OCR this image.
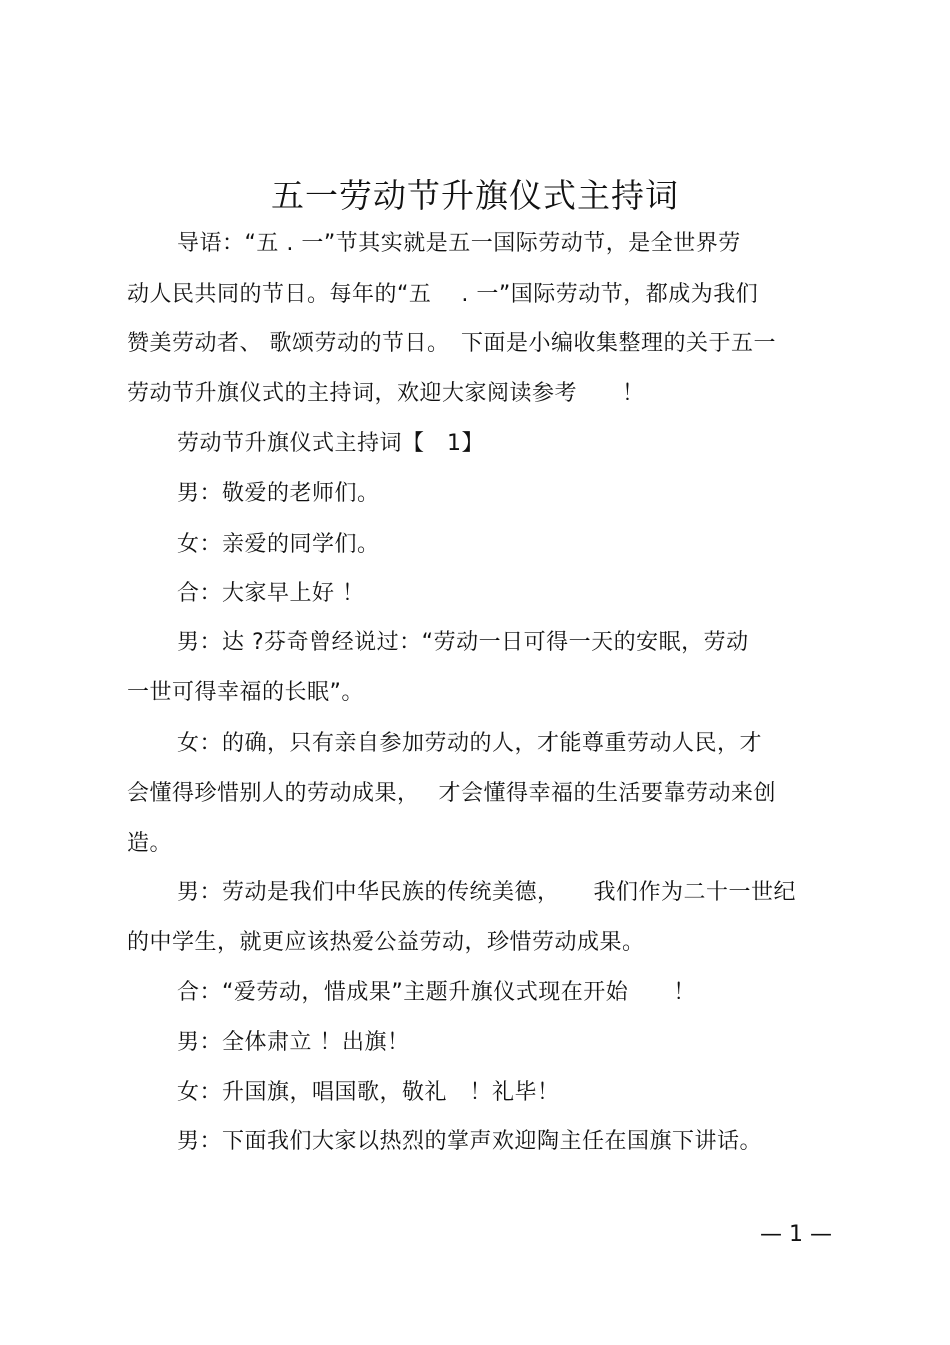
五一劳动节升旗仪式主持词
导语：“五 . 一”节其实就是五一国际劳动节，是全世界劳
动人民共同的节日。每年的“五　 . 一”国际劳动节，都成为我们
赞美劳动者、 歌颂劳动的节日。　下面是小编收集整理的关于五一
劳动节升旗仪式的主持词，欢迎大家阅读参考　　！
劳动节升旗仪式主持词【　1】
男：敬爱的老师们。
女：亲爱的同学们。
合：大家早上好 ！
男：达 ?芬奇曾经说过：“劳动一日可得一天的安眠，劳动
一世可得幸福的长眠”。
女：的确，只有亲自参加劳动的人，才能尊重劳动人民，才
会懂得珍惜别人的劳动成果，　 才会懂得幸福的生活要靠劳动来创
造。
男：劳动是我们中华民族的传统美德，　　我们作为二十一世纪
的中学生，就更应该热爱公益劳动，珍惜劳动成果。
合：“爱劳动，惜成果”主题升旗仪式现在开始　　！
男：全体肃立 ！出旗！
女：升国旗，唱国歌，敬礼　！礼毕！
男：下面我们大家以热烈的掌声欢迎陶主任在国旗下讲话。
— 1 —
